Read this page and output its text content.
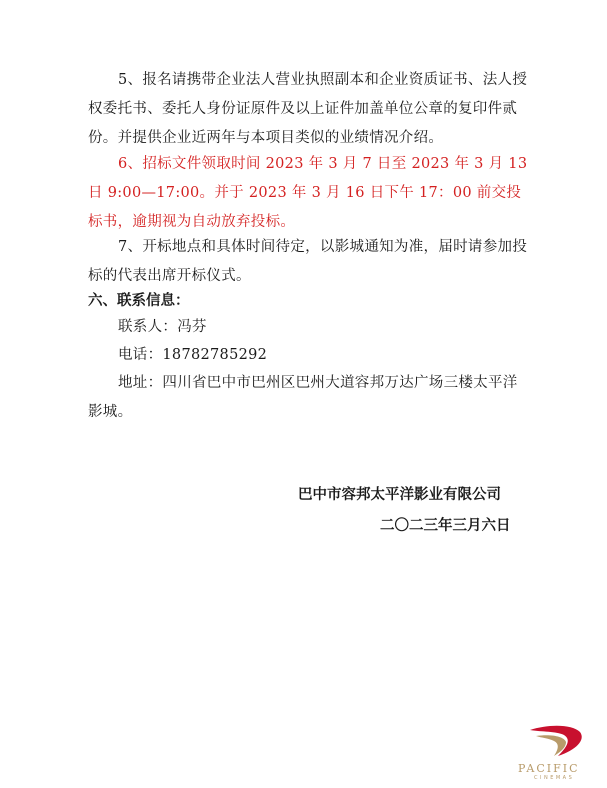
5、报名请携带企业法人营业执照副本和企业资质证书、法人授权委托书、委托人身份证原件及以上证件加盖单位公章的复印件贰份。并提供企业近两年与本项目类似的业绩情况介绍。

6、招标文件领取时间 2023 年 3 月 7 日至 2023 年 3 月 13 日 9:00—17:00。并于 2023 年 3 月 16 日下午 17：00 前交投标书，逾期视为自动放弃投标。

7、开标地点和具体时间待定，以影城通知为准，届时请参加投标的代表出席开标仪式。

六、联系信息：

联系人：冯芬

电话：18782785292

地址：四川省巴中市巴州区巴州大道容邦万达广场三楼太平洋影城。

巴中市容邦太平洋影业有限公司

二〇二三年三月六日

PACIFIC
CINEMAS
